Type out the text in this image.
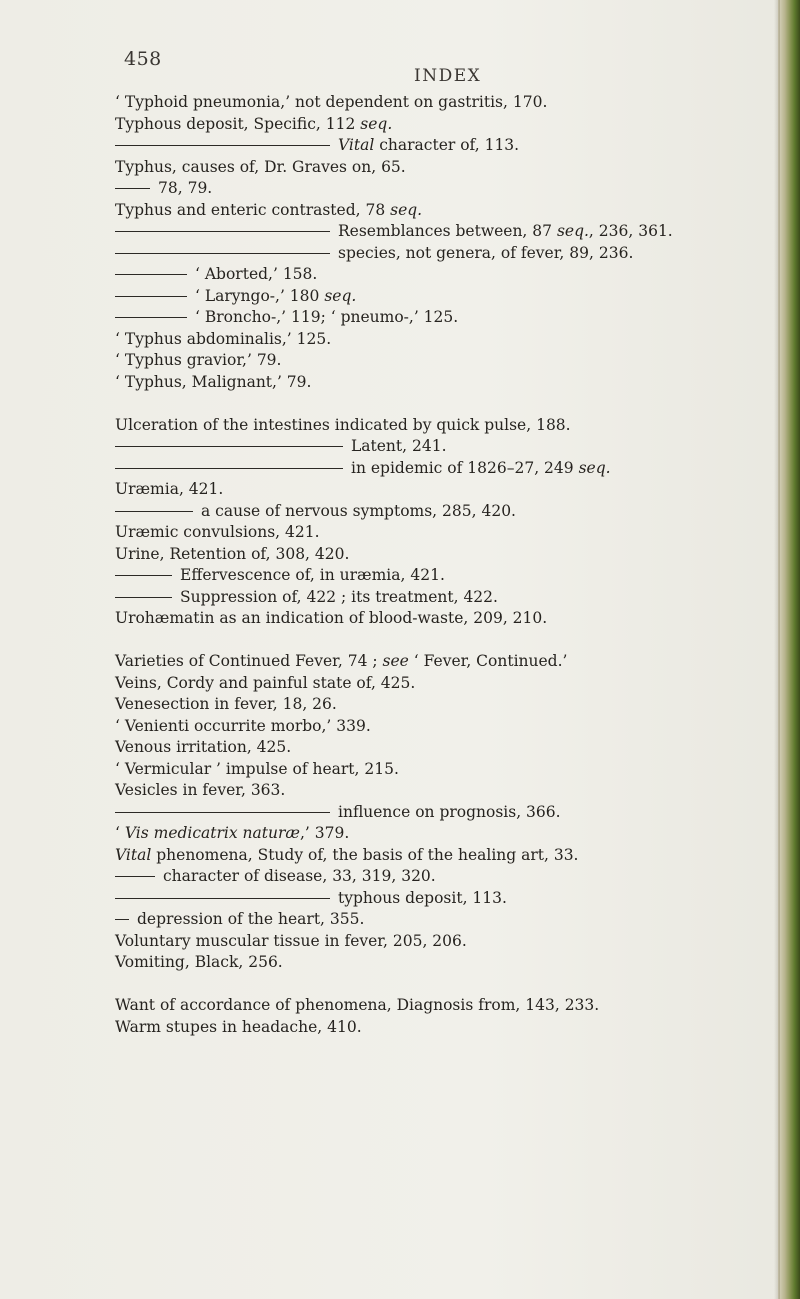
458
INDEX
‘ Typhoid pneumonia,’ not dependent on gastritis, 170.
Typhous deposit, Specific, 112 seq.
Vital character of, 113.
Typhus, causes of, Dr. Graves on, 65.
78, 79.
Typhus and enteric contrasted, 78 seq.
Resemblances between, 87 seq., 236, 361.
species, not genera, of fever, 89, 236.
‘ Aborted,’ 158.
‘ Laryngo-,’ 180 seq.
‘ Broncho-,’ 119; ‘ pneumo-,’ 125.
‘ Typhus abdominalis,’ 125.
‘ Typhus gravior,’ 79.
‘ Typhus, Malignant,’ 79.
Ulceration of the intestines indicated by quick pulse, 188.
Latent, 241.
in epidemic of 1826–27, 249 seq.
Uræmia, 421.
a cause of nervous symptoms, 285, 420.
Uræmic convulsions, 421.
Urine, Retention of, 308, 420.
Effervescence of, in uræmia, 421.
Suppression of, 422 ; its treatment, 422.
Urohæmatin as an indication of blood-waste, 209, 210.
Varieties of Continued Fever, 74 ; see ‘ Fever, Continued.’
Veins, Cordy and painful state of, 425.
Venesection in fever, 18, 26.
‘ Venienti occurrite morbo,’ 339.
Venous irritation, 425.
‘ Vermicular ’ impulse of heart, 215.
Vesicles in fever, 363.
influence on prognosis, 366.
‘ Vis medicatrix naturæ,’ 379.
Vital phenomena, Study of, the basis of the healing art, 33.
character of disease, 33, 319, 320.
typhous deposit, 113.
depression of the heart, 355.
Voluntary muscular tissue in fever, 205, 206.
Vomiting, Black, 256.
Want of accordance of phenomena, Diagnosis from, 143, 233.
Warm stupes in headache, 410.
